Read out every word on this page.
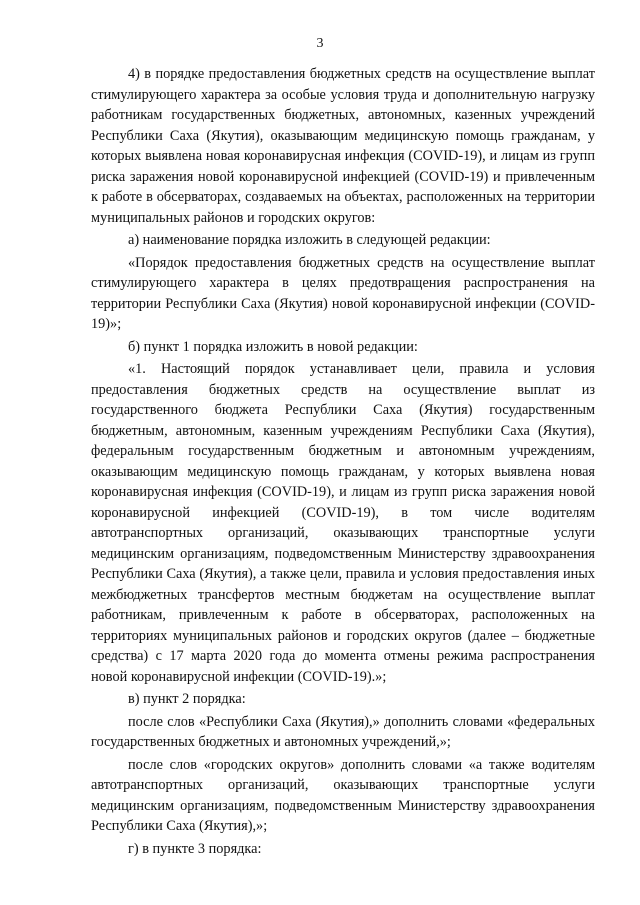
3

4) в порядке предоставления бюджетных средств на осуществление выплат стимулирующего характера за особые условия труда и дополнительную нагрузку работникам государственных бюджетных, автономных, казенных учреждений Республики Саха (Якутия), оказывающим медицинскую помощь гражданам, у которых выявлена новая коронавирусная инфекция (COVID-19), и лицам из групп риска заражения новой коронавирусной инфекцией (COVID-19) и привлеченным к работе в обсерваторах, создаваемых на объектах, расположенных на территории муниципальных районов и городских округов:

а) наименование порядка изложить в следующей редакции:

«Порядок предоставления бюджетных средств на осуществление выплат стимулирующего характера в целях предотвращения распространения на территории Республики Саха (Якутия) новой коронавирусной инфекции (COVID-19)»;

б) пункт 1 порядка изложить в новой редакции:

«1. Настоящий порядок устанавливает цели, правила и условия предоставления бюджетных средств на осуществление выплат из государственного бюджета Республики Саха (Якутия) государственным бюджетным, автономным, казенным учреждениям Республики Саха (Якутия), федеральным государственным бюджетным и автономным учреждениям, оказывающим медицинскую помощь гражданам, у которых выявлена новая коронавирусная инфекция (COVID-19), и лицам из групп риска заражения новой коронавирусной инфекцией (COVID-19), в том числе водителям автотранспортных организаций, оказывающих транспортные услуги медицинским организациям, подведомственным Министерству здравоохранения Республики Саха (Якутия), а также цели, правила и условия предоставления иных межбюджетных трансфертов местным бюджетам на осуществление выплат работникам, привлеченным к работе в обсерваторах, расположенных на территориях муниципальных районов и городских округов (далее – бюджетные средства) с 17 марта 2020 года до момента отмены режима распространения новой коронавирусной инфекции (COVID-19).»;

в) пункт 2 порядка:

после слов «Республики Саха (Якутия),» дополнить словами «федеральных государственных бюджетных и автономных учреждений,»;

после слов «городских округов» дополнить словами «а также водителям автотранспортных организаций, оказывающих транспортные услуги медицинским организациям, подведомственным Министерству здравоохранения Республики Саха (Якутия),»;

г) в пункте 3 порядка:
